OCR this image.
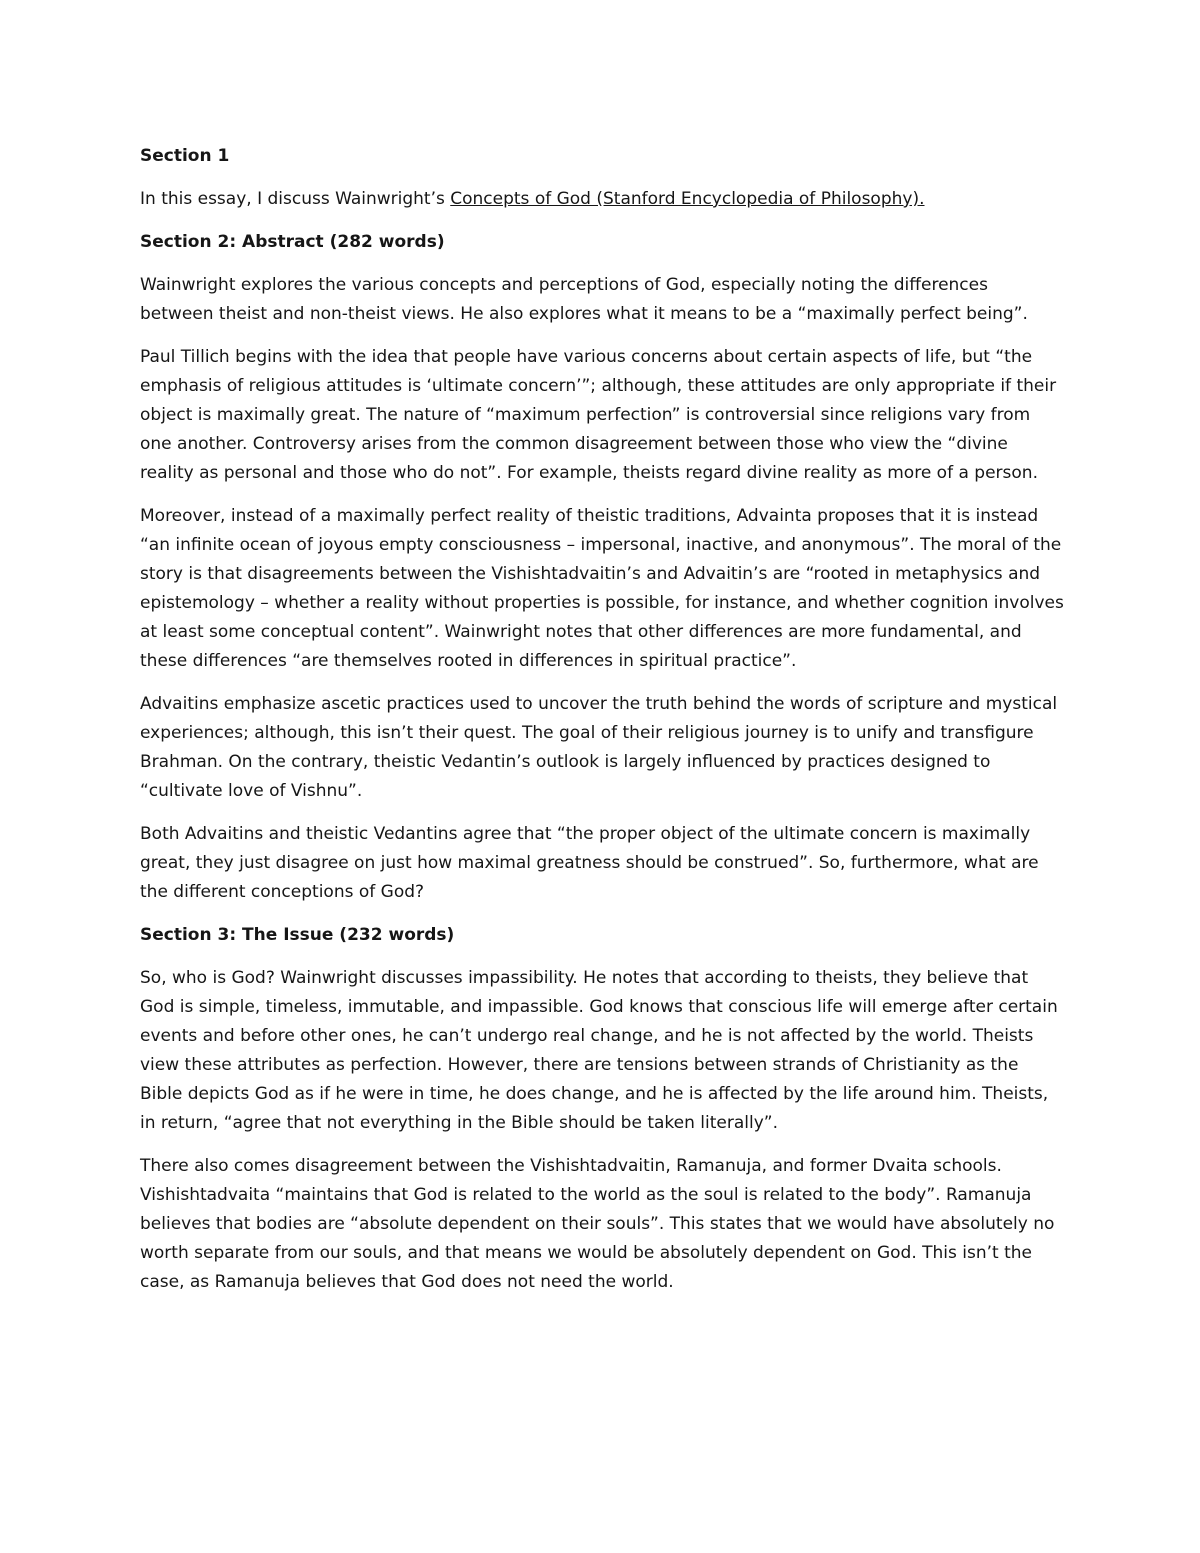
Section 1

In this essay, I discuss Wainwright’s Concepts of God (Stanford Encyclopedia of Philosophy).

Section 2: Abstract (282 words)

Wainwright explores the various concepts and perceptions of God, especially noting the differences between theist and non-theist views. He also explores what it means to be a “maximally perfect being”.

Paul Tillich begins with the idea that people have various concerns about certain aspects of life, but “the emphasis of religious attitudes is ‘ultimate concern’”; although, these attitudes are only appropriate if their object is maximally great. The nature of “maximum perfection” is controversial since religions vary from one another. Controversy arises from the common disagreement between those who view the “divine reality as personal and those who do not”. For example, theists regard divine reality as more of a person.

Moreover, instead of a maximally perfect reality of theistic traditions, Advainta proposes that it is instead “an infinite ocean of joyous empty consciousness – impersonal, inactive, and anonymous”. The moral of the story is that disagreements between the Vishishtadvaitin’s and Advaitin’s are “rooted in metaphysics and epistemology – whether a reality without properties is possible, for instance, and whether cognition involves at least some conceptual content”. Wainwright notes that other differences are more fundamental, and these differences “are themselves rooted in differences in spiritual practice”.

Advaitins emphasize ascetic practices used to uncover the truth behind the words of scripture and mystical experiences; although, this isn’t their quest. The goal of their religious journey is to unify and transfigure Brahman. On the contrary, theistic Vedantin’s outlook is largely influenced by practices designed to “cultivate love of Vishnu”.

Both Advaitins and theistic Vedantins agree that “the proper object of the ultimate concern is maximally great, they just disagree on just how maximal greatness should be construed”. So, furthermore, what are the different conceptions of God?

Section 3: The Issue (232 words)

So, who is God? Wainwright discusses impassibility. He notes that according to theists, they believe that God is simple, timeless, immutable, and impassible. God knows that conscious life will emerge after certain events and before other ones, he can’t undergo real change, and he is not affected by the world. Theists view these attributes as perfection. However, there are tensions between strands of Christianity as the Bible depicts God as if he were in time, he does change, and he is affected by the life around him. Theists, in return, “agree that not everything in the Bible should be taken literally”.

There also comes disagreement between the Vishishtadvaitin, Ramanuja, and former Dvaita schools. Vishishtadvaita “maintains that God is related to the world as the soul is related to the body”. Ramanuja believes that bodies are “absolute dependent on their souls”. This states that we would have absolutely no worth separate from our souls, and that means we would be absolutely dependent on God. This isn’t the case, as Ramanuja believes that God does not need the world.
